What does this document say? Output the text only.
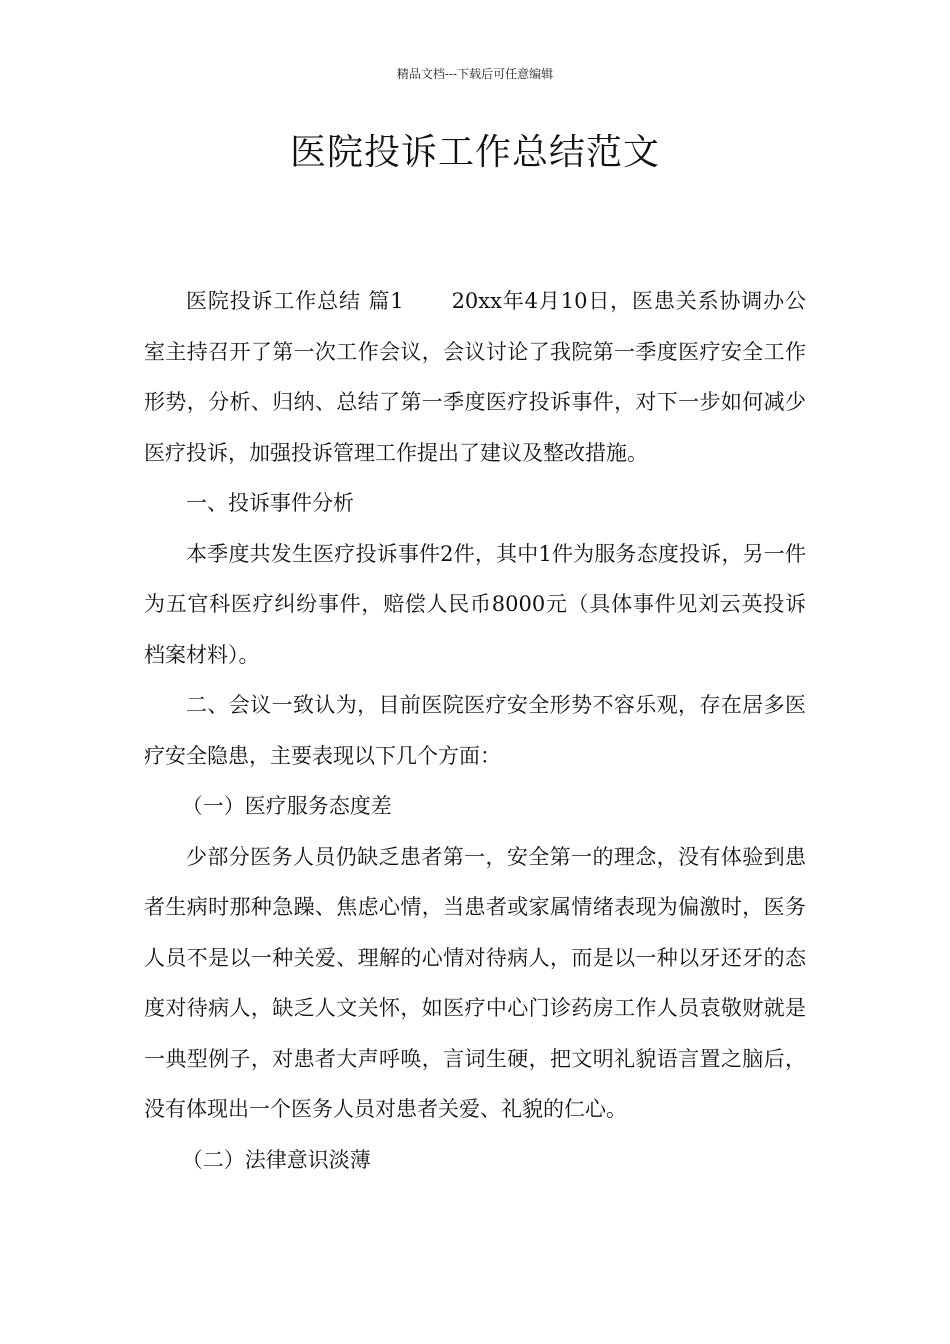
精品文档---下载后可任意编辑
医院投诉工作总结范文

医院投诉工作总结 篇1 20xx年4月10日，医患关系协调办公室主持召开了第一次工作会议，会议讨论了我院第一季度医疗安全工作形势，分析、归纳、总结了第一季度医疗投诉事件，对下一步如何减少医疗投诉，加强投诉管理工作提出了建议及整改措施。

一、投诉事件分析

本季度共发生医疗投诉事件2件，其中1件为服务态度投诉，另一件为五官科医疗纠纷事件，赔偿人民币8000元（具体事件见刘云英投诉档案材料）。

二、会议一致认为，目前医院医疗安全形势不容乐观，存在居多医疗安全隐患，主要表现以下几个方面：

（一）医疗服务态度差

少部分医务人员仍缺乏患者第一，安全第一的理念，没有体验到患者生病时那种急躁、焦虑心情，当患者或家属情绪表现为偏激时，医务人员不是以一种关爱、理解的心情对待病人，而是以一种以牙还牙的态度对待病人，缺乏人文关怀，如医疗中心门诊药房工作人员袁敬财就是一典型例子，对患者大声呼唤，言词生硬，把文明礼貌语言置之脑后，没有体现出一个医务人员对患者关爱、礼貌的仁心。

（二）法律意识淡薄
